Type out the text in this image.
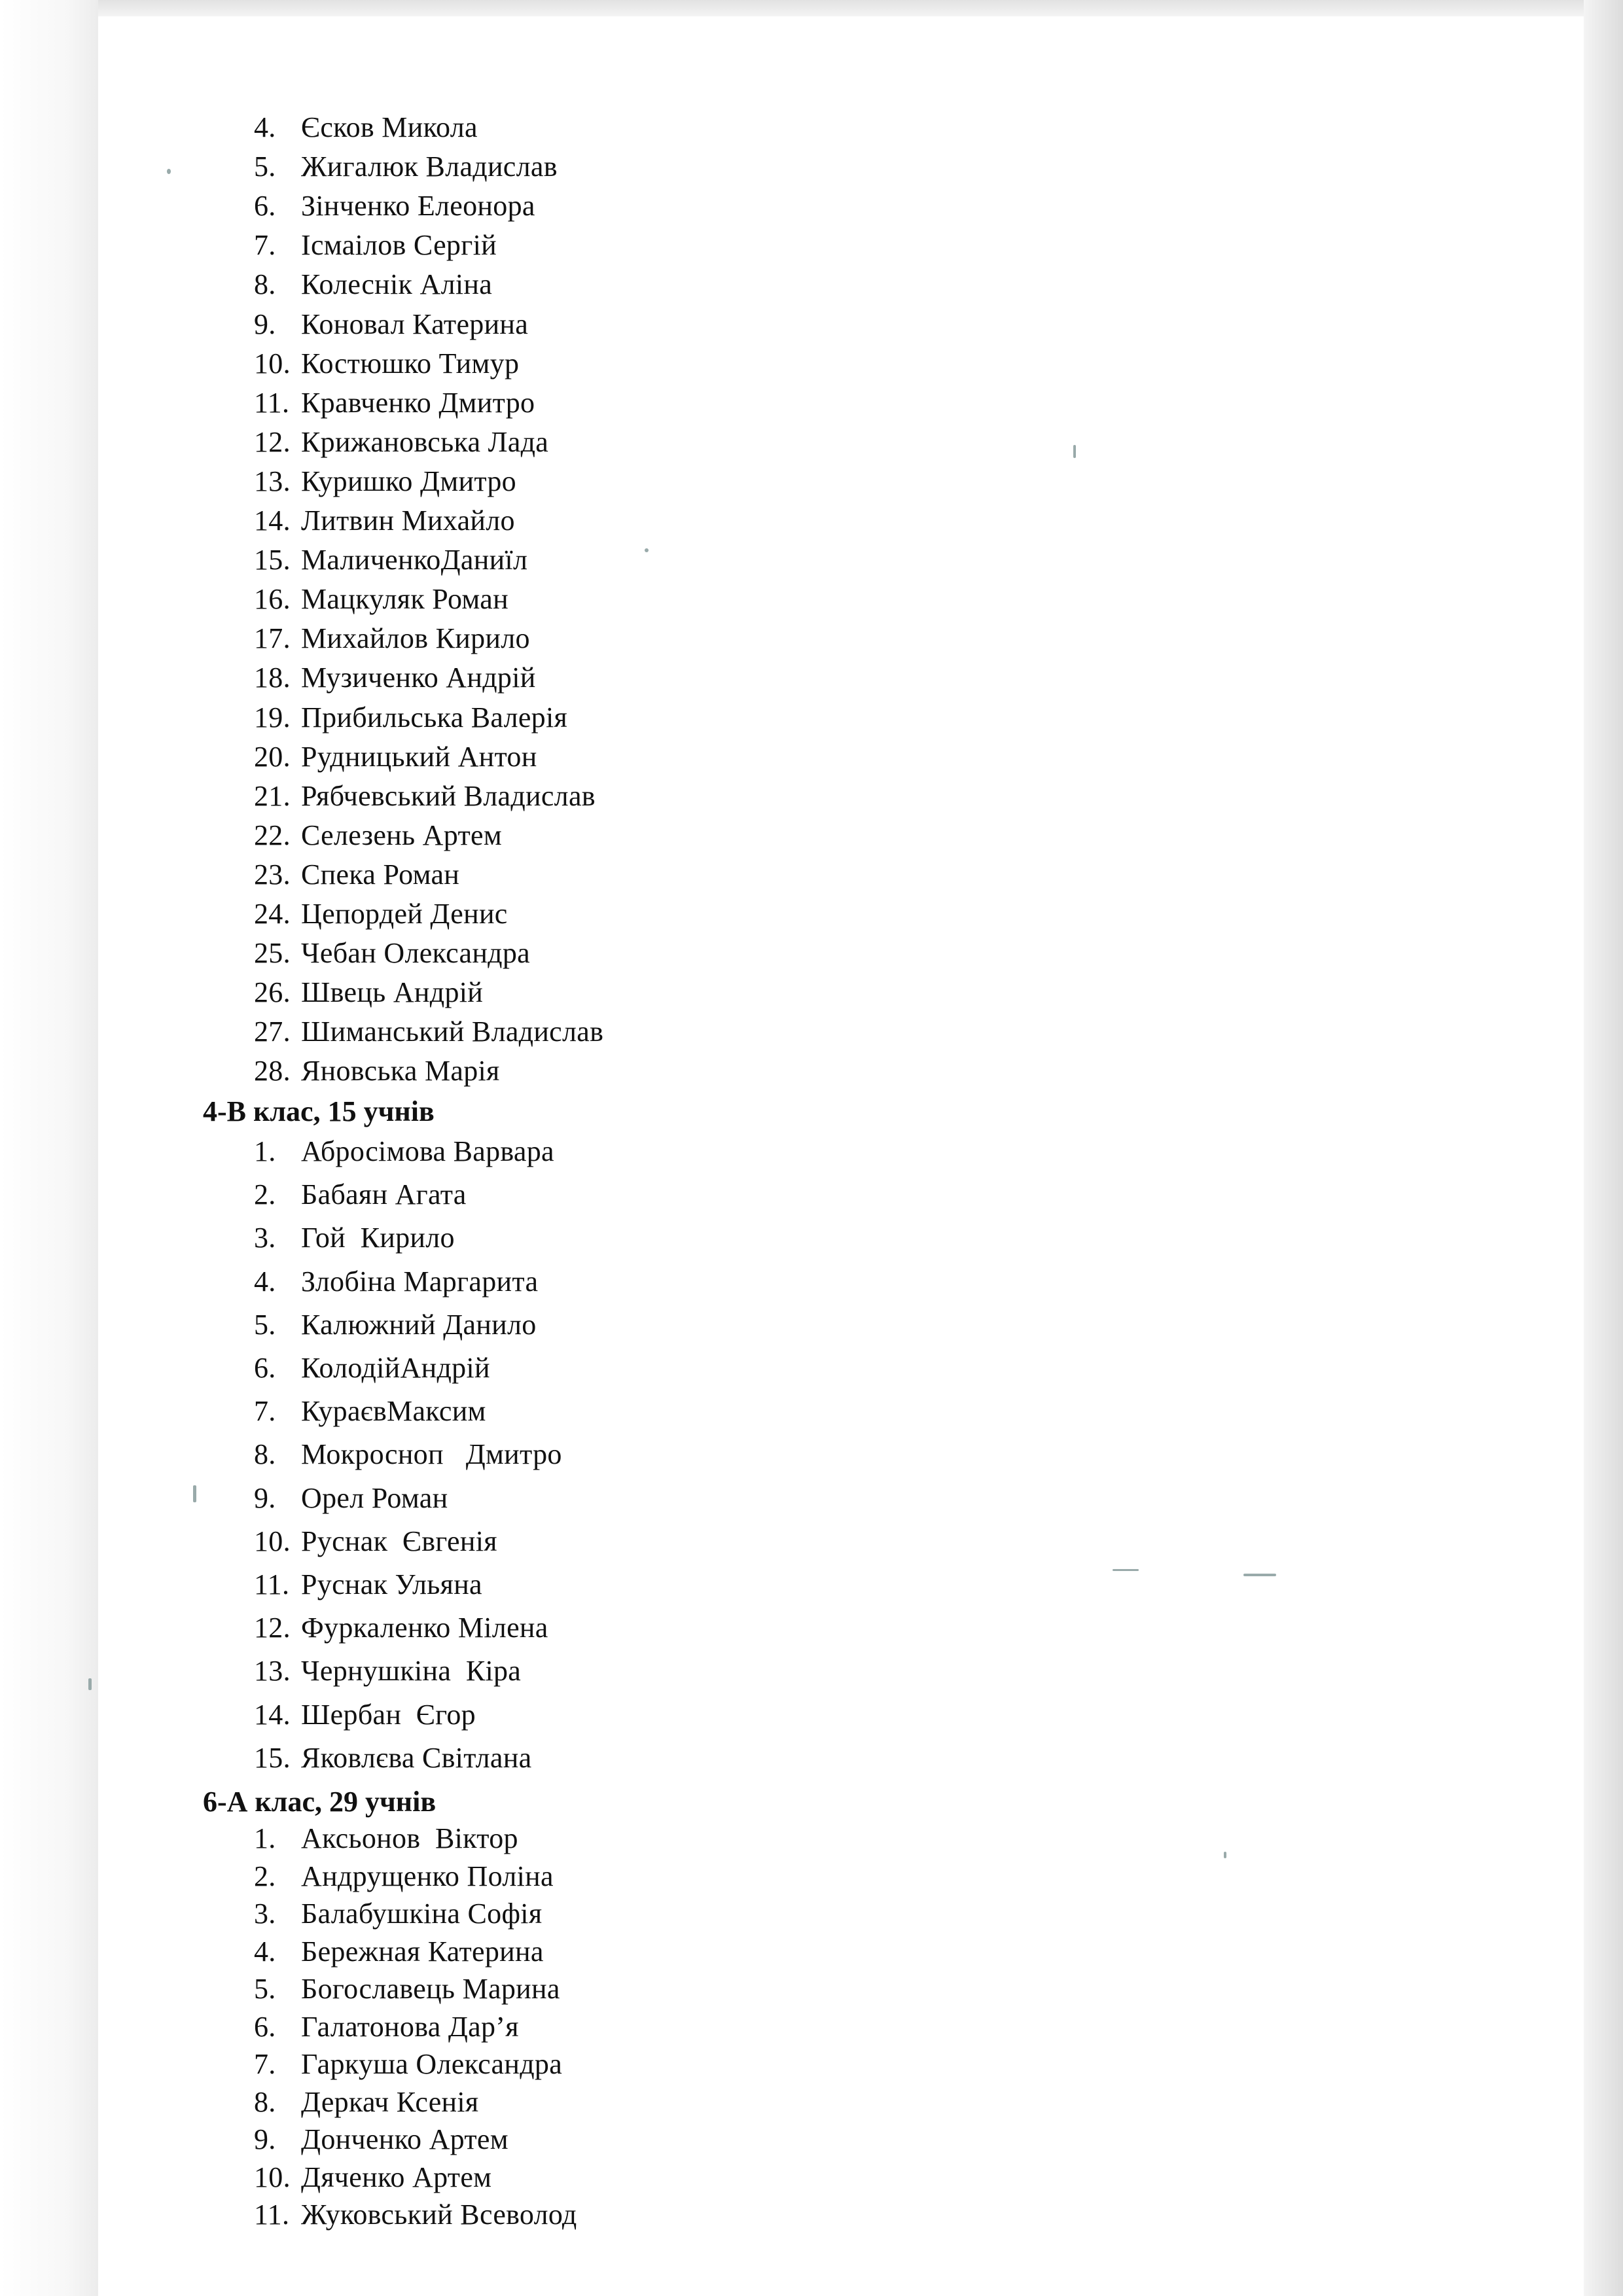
4. Єсков Микола
5. Жигалюк Владислав
6. Зінченко Елеонора
7. Ісмаілов Сергій
8. Колеснік Аліна
9. Коновал Катерина
10. Костюшко Тимур
11. Кравченко Дмитро
12. Крижановська Лада
13. Куришко Дмитро
14. Литвин Михайло
15. МаличенкоДаниїл
16. Мацкуляк Роман
17. Михайлов Кирило
18. Музиченко Андрій
19. Прибильська Валерія
20. Рудницький Антон
21. Рябчевський Владислав
22. Селезень Артем
23. Спека Роман
24. Цепордей Денис
25. Чебан Олександра
26. Швець Андрій
27. Шиманський Владислав
28. Яновська Марія
4-В клас, 15 учнів
1. Абросімова Варвара
2. Бабаян Агата
3. Гой  Кирило
4. Злобіна Маргарита
5. Калюжний Данило
6. КолодійАндрій
7. КураєвМаксим
8. Мокросноп   Дмитро
9. Орел Роман
10. Руснак  Євгенія
11. Руснак Ульяна
12. Фуркаленко Мілена
13. Чернушкіна  Кіра
14. Шербан  Єгор
15. Яковлєва Світлана
6-А клас, 29 учнів
1. Аксьонов  Віктор
2. Андрущенко Поліна
3. Балабушкіна Софія
4. Бережная Катерина
5. Богославець Марина
6. Галатонова Дар’я
7. Гаркуша Олександра
8. Деркач Ксенія
9. Донченко Артем
10. Дяченко Артем
11. Жуковський Всеволод
